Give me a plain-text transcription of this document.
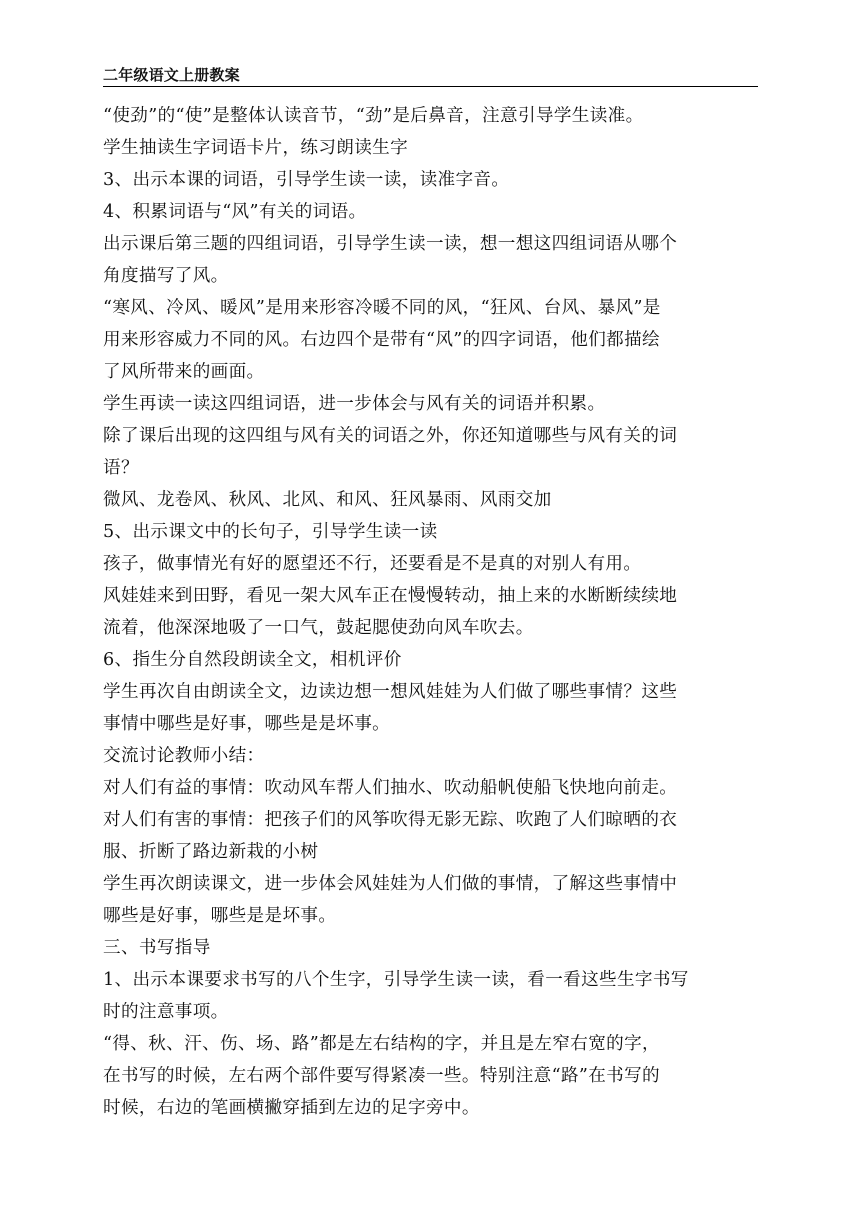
二年级语文上册教案
“使劲”的“使”是整体认读音节，“劲”是后鼻音，注意引导学生读准。
学生抽读生字词语卡片，练习朗读生字
3、出示本课的词语，引导学生读一读，读准字音。
4、积累词语与“风”有关的词语。
出示课后第三题的四组词语，引导学生读一读，想一想这四组词语从哪个
角度描写了风。
“寒风、冷风、暖风”是用来形容冷暖不同的风，“狂风、台风、暴风”是
用来形容威力不同的风。右边四个是带有“风”的四字词语，他们都描绘
了风所带来的画面。
学生再读一读这四组词语，进一步体会与风有关的词语并积累。
除了课后出现的这四组与风有关的词语之外，你还知道哪些与风有关的词
语？
微风、龙卷风、秋风、北风、和风、狂风暴雨、风雨交加
5、出示课文中的长句子，引导学生读一读
孩子，做事情光有好的愿望还不行，还要看是不是真的对别人有用。
风娃娃来到田野，看见一架大风车正在慢慢转动，抽上来的水断断续续地
流着，他深深地吸了一口气，鼓起腮使劲向风车吹去。
6、指生分自然段朗读全文，相机评价
学生再次自由朗读全文，边读边想一想风娃娃为人们做了哪些事情？这些
事情中哪些是好事，哪些是是坏事。
交流讨论教师小结：
对人们有益的事情：吹动风车帮人们抽水、吹动船帆使船飞快地向前走。
对人们有害的事情：把孩子们的风筝吹得无影无踪、吹跑了人们晾晒的衣
服、折断了路边新栽的小树
学生再次朗读课文，进一步体会风娃娃为人们做的事情，了解这些事情中
哪些是好事，哪些是是坏事。
三、书写指导
1、出示本课要求书写的八个生字，引导学生读一读，看一看这些生字书写
时的注意事项。
“得、秋、汗、伤、场、路”都是左右结构的字，并且是左窄右宽的字，
在书写的时候，左右两个部件要写得紧凑一些。特别注意“路”在书写的
时候，右边的笔画横撇穿插到左边的足字旁中。
